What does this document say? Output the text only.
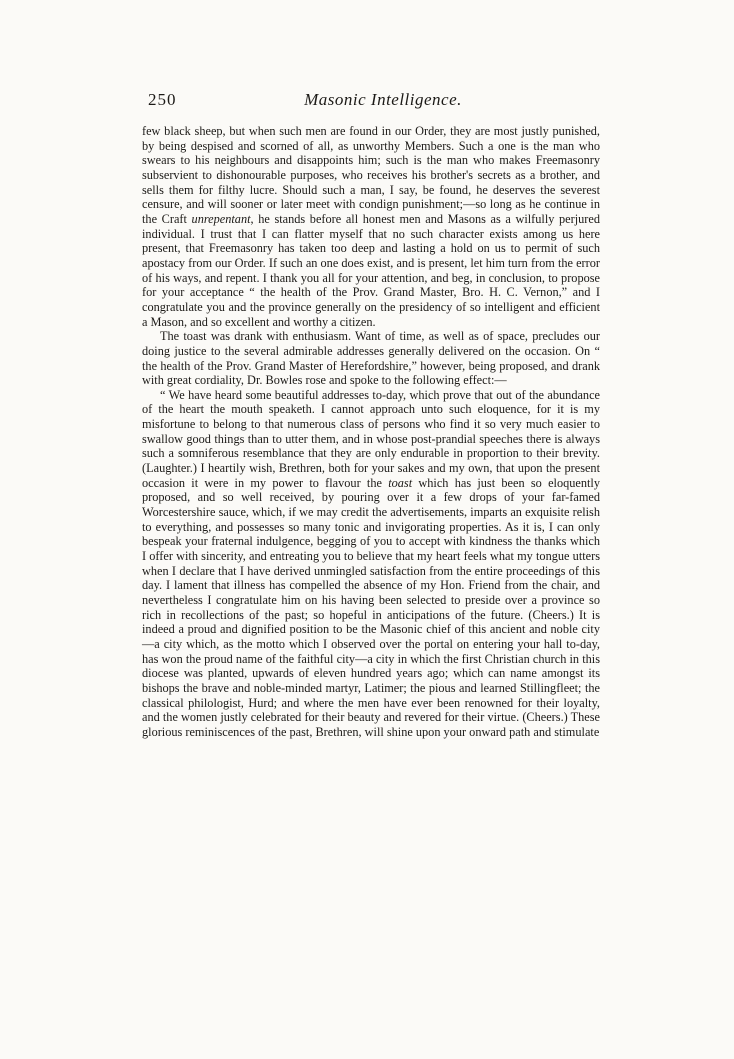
250	Masonic Intelligence.

few black sheep, but when such men are found in our Order, they are most justly punished, by being despised and scorned of all, as unworthy Members. Such a one is the man who swears to his neighbours and disappoints him; such is the man who makes Freemasonry subservient to dishonourable purposes, who receives his brother's secrets as a brother, and sells them for filthy lucre. Should such a man, I say, be found, he deserves the severest censure, and will sooner or later meet with condign punishment;—so long as he continue in the Craft unrepentant, he stands before all honest men and Masons as a wilfully perjured individual. I trust that I can flatter myself that no such character exists among us here present, that Freemasonry has taken too deep and lasting a hold on us to permit of such apostacy from our Order. If such an one does exist, and is present, let him turn from the error of his ways, and repent. I thank you all for your attention, and beg, in conclusion, to propose for your acceptance “ the health of the Prov. Grand Master, Bro. H. C. Vernon,” and I congratulate you and the province generally on the presidency of so intelligent and efficient a Mason, and so excellent and worthy a citizen.

The toast was drank with enthusiasm. Want of time, as well as of space, precludes our doing justice to the several admirable addresses generally delivered on the occasion. On “ the health of the Prov. Grand Master of Herefordshire,” however, being proposed, and drank with great cordiality, Dr. Bowles rose and spoke to the following effect:—

“ We have heard some beautiful addresses to-day, which prove that out of the abundance of the heart the mouth speaketh. I cannot approach unto such eloquence, for it is my misfortune to belong to that numerous class of persons who find it so very much easier to swallow good things than to utter them, and in whose post-prandial speeches there is always such a somniferous resemblance that they are only endurable in proportion to their brevity. (Laughter.) I heartily wish, Brethren, both for your sakes and my own, that upon the present occasion it were in my power to flavour the toast which has just been so eloquently proposed, and so well received, by pouring over it a few drops of your far-famed Worcestershire sauce, which, if we may credit the advertisements, imparts an exquisite relish to everything, and possesses so many tonic and invigorating properties. As it is, I can only bespeak your fraternal indulgence, begging of you to accept with kindness the thanks which I offer with sincerity, and entreating you to believe that my heart feels what my tongue utters when I declare that I have derived unmingled satisfaction from the entire proceedings of this day. I lament that illness has compelled the absence of my Hon. Friend from the chair, and nevertheless I congratulate him on his having been selected to preside over a province so rich in recollections of the past; so hopeful in anticipations of the future. (Cheers.) It is indeed a proud and dignified position to be the Masonic chief of this ancient and noble city—a city which, as the motto which I observed over the portal on entering your hall to-day, has won the proud name of the faithful city—a city in which the first Christian church in this diocese was planted, upwards of eleven hundred years ago; which can name amongst its bishops the brave and noble-minded martyr, Latimer; the pious and learned Stillingfleet; the classical philologist, Hurd; and where the men have ever been renowned for their loyalty, and the women justly celebrated for their beauty and revered for their virtue. (Cheers.) These glorious reminiscences of the past, Brethren, will shine upon your onward path and stimulate
